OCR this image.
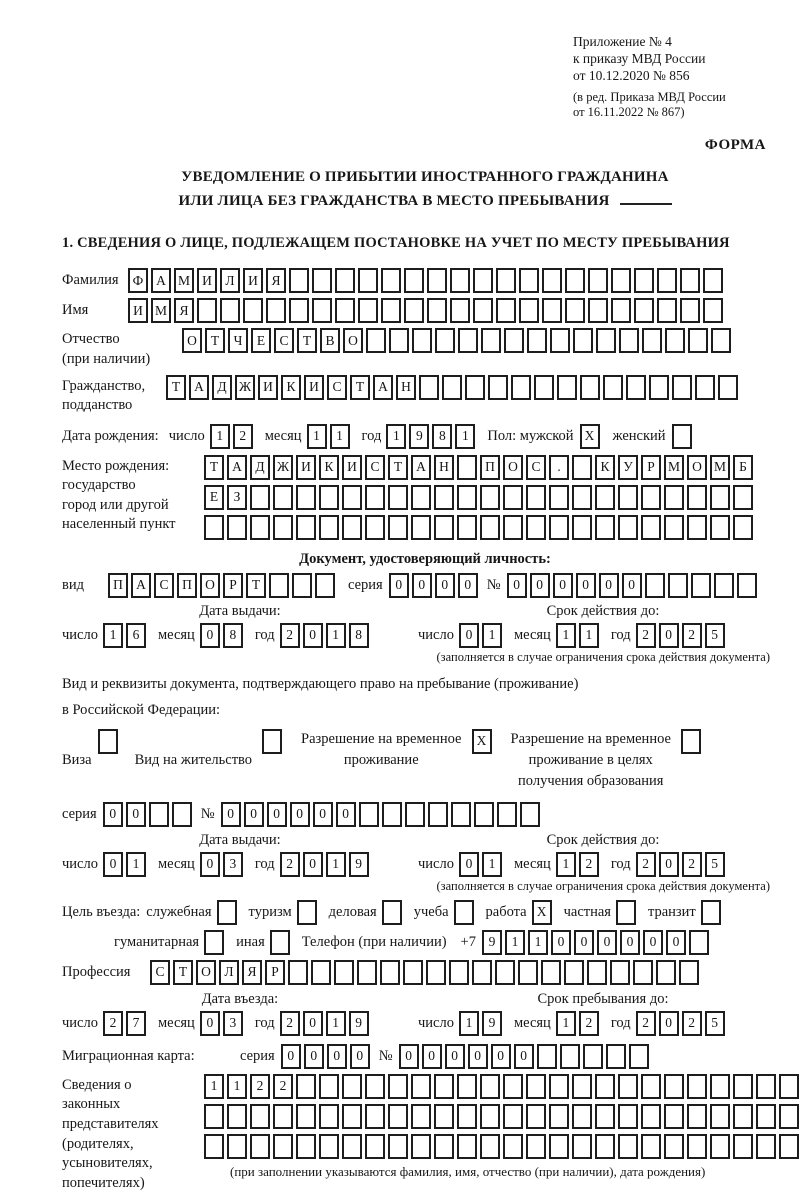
Приложение № 4
к приказу МВД России
от 10.12.2020 № 856
(в ред. Приказа МВД России
от 16.11.2022 № 867)
ФОРМА
УВЕДОМЛЕНИЕ О ПРИБЫТИИ ИНОСТРАННОГО ГРАЖДАНИНА
ИЛИ ЛИЦА БЕЗ ГРАЖДАНСТВА В МЕСТО ПРЕБЫВАНИЯ
1. СВЕДЕНИЯ О ЛИЦЕ, ПОДЛЕЖАЩЕМ ПОСТАНОВКЕ НА УЧЕТ ПО МЕСТУ ПРЕБЫВАНИЯ
Фамилия	Ф А М И	Л	И	Я
Имя	И М Я
Отчество
(при наличии)
О	Т	Ч	Е	С	Т	В	О
Гражданство,
подданство
Т	А	Д Ж И	К	И	С	Т	А Н
Дата рождения: число 1	2	месяц 1	1	год 1	9	8	1	Пол: мужской X	женский
Место рождения:
государство
город или другой
населенный пункт
Т	А	Д Ж И	К	И	С	Т	А Н	П О	С	.	К	У	Р М О М Б
Е	З
Документ, удостоверяющий личность:
вид	П А	С	П О	Р	Т	серия 0	0	0	0	№ 0	0	0	0	0	0
Дата выдачи:	Срок действия до:
число 1	6	месяц 0	8	год 2	0	1	8	число 0	1	месяц 1	1	год 2	0	2	5
(заполняется в случае ограничения срока действия документа)
Вид и реквизиты документа, подтверждающего право на пребывание (проживание)
в Российской Федерации:
Виза	Вид на жительство
Разрешение на временное
проживание
X	Разрешение на временное
проживание в целях
получения образования
серия 0	0	№ 0	0	0	0	0	0
Дата выдачи:	Срок действия до:
число 0	1	месяц 0	3	год 2	0	1	9	число 0	1	месяц 1	2	год 2	0	2	5
(заполняется в случае ограничения срока действия документа)
Цель въезда: служебная	туризм	деловая	учеба	работа X	частная	транзит
гуманитарная	иная	Телефон (при наличии) +7 9	1	1	0	0	0	0	0	0
Профессия	С	Т	О	Л	Я	Р
Дата въезда:	Срок пребывания до:
число 2	7	месяц 0	3	год 2	0	1	9	число 1	9	месяц 1	2	год 2	0	2	5
Миграционная карта:	серия 0	0	0	0	№ 0	0	0	0	0	0
Сведения о
законных
представителях
(родителях,
усыновителях,
попечителях)
1	1	2	2
(при заполнении указываются фамилия, имя, отчество (при наличии), дата рождения)
